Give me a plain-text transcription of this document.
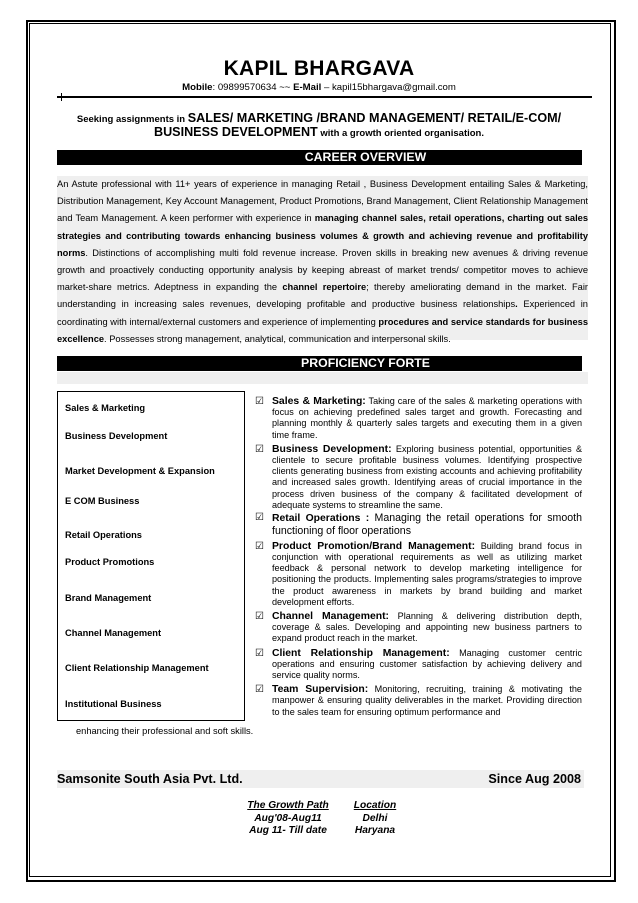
KAPIL BHARGAVA
Mobile: 09899570634 ~~ E-Mail – kapil15bhargava@gmail.com
Seeking assignments in SALES/ MARKETING /BRAND MANAGEMENT/ RETAIL/E-COM/
BUSINESS DEVELOPMENT with a growth oriented organisation.
CAREER OVERVIEW

An Astute professional with 11+ years of experience in managing Retail , Business Development entailing Sales & Marketing, Distribution Management, Key Account Management, Product Promotions, Brand Management, Client Relationship Management and Team Management. A keen performer with experience in managing channel sales, retail operations, charting out sales strategies and contributing towards enhancing business volumes & growth and achieving revenue and profitability norms. Distinctions of accomplishing multi fold revenue increase. Proven skills in breaking new avenues & driving revenue growth and proactively conducting opportunity analysis by keeping abreast of market trends/ competitor moves to achieve market-share metrics. Adeptness in expanding the channel repertoire; thereby ameliorating demand in the market. Fair understanding in increasing sales revenues, developing profitable and productive business relationships. Experienced in coordinating with internal/external customers and experience of implementing procedures and service standards for business excellence. Possesses strong management, analytical, communication and interpersonal skills.

PROFICIENCY FORTE
Sales & Marketing
Business Development
Market Development & Expansion
E COM Business
Retail Operations
Product Promotions
Brand Management
Channel Management
Client Relationship Management
Institutional Business
☑ Sales & Marketing: Taking care of the sales & marketing operations with focus on achieving predefined sales target and growth. Forecasting and planning monthly & quarterly sales targets and executing them in a given time frame.
☑ Business Development: Exploring business potential, opportunities & clientele to secure profitable business volumes. Identifying prospective clients generating business from existing accounts and achieving profitability and increased sales growth. Identifying areas of crucial importance in the process driven business of the company & facilitated development of adequate systems to streamline the same.
☑ Retail Operations : Managing the retail operations for smooth functioning of floor operations
☑ Product Promotion/Brand Management: Building brand focus in conjunction with operational requirements as well as utilizing market feedback & personal network to develop marketing intelligence for positioning the products. Implementing sales programs/strategies to improve the product awareness in markets by brand building and market development efforts.
☑ Channel Management: Planning & delivering distribution depth, coverage & sales. Developing and appointing new business partners to expand product reach in the market.
☑ Client Relationship Management: Managing customer centric operations and ensuring customer satisfaction by achieving delivery and service quality norms.
☑ Team Supervision: Monitoring, recruiting, training & motivating the manpower & ensuring quality deliverables in the market. Providing direction to the sales team for ensuring optimum performance and
enhancing their professional and soft skills.
Samsonite South Asia Pvt. Ltd.	Since Aug 2008
The Growth Path	Location
Aug'08-Aug11	Delhi
Aug 11- Till date	Haryana
